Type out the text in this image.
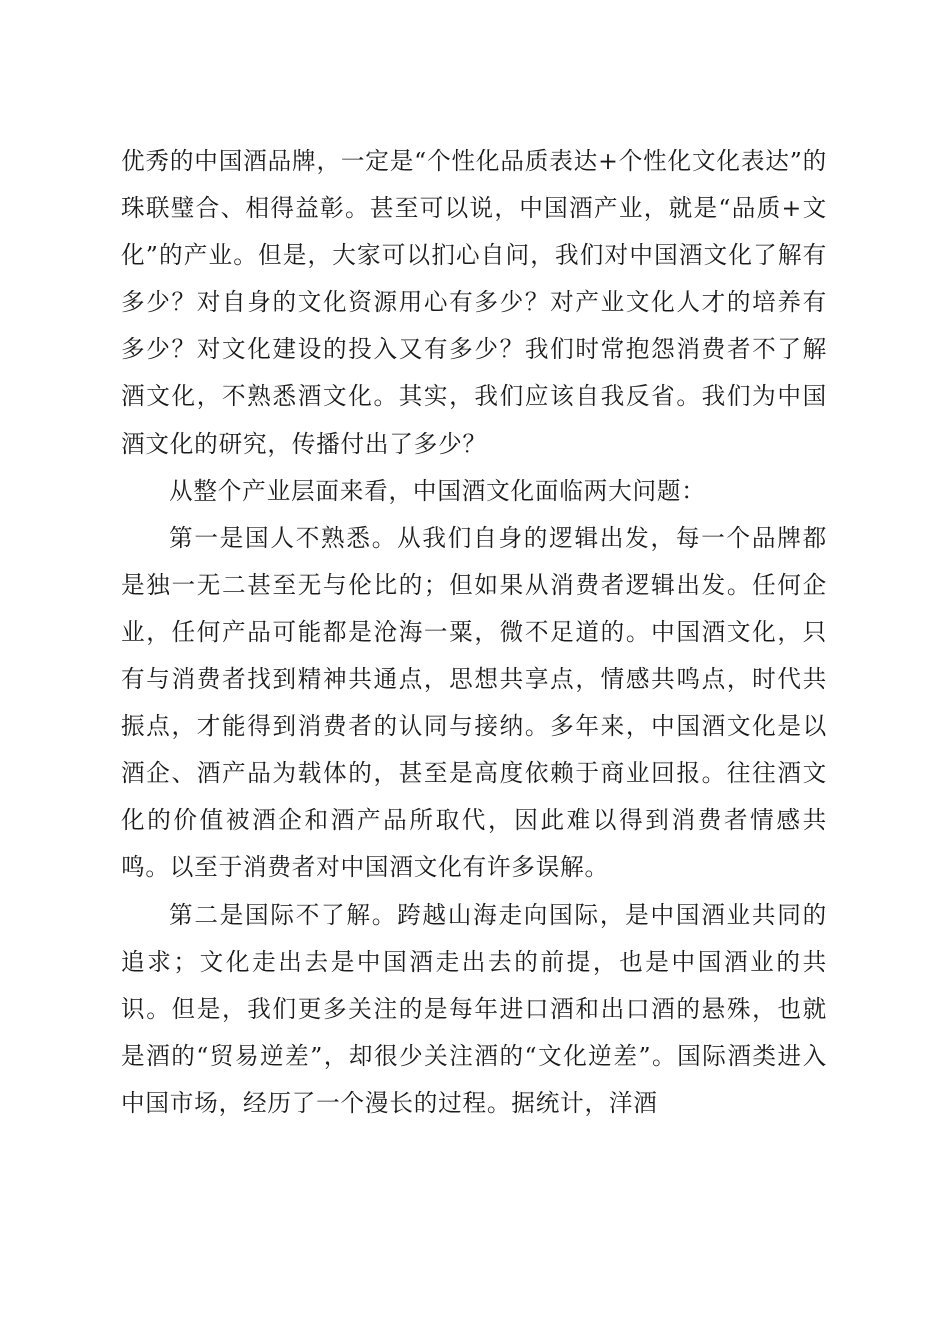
优秀的中国酒品牌，一定是“个性化品质表达+个性化文化表达”的珠联璧合、相得益彰。甚至可以说，中国酒产业，就是“品质+文化”的产业。但是，大家可以扪心自问，我们对中国酒文化了解有多少？对自身的文化资源用心有多少？对产业文化人才的培养有多少？对文化建设的投入又有多少？我们时常抱怨消费者不了解酒文化，不熟悉酒文化。其实，我们应该自我反省。我们为中国酒文化的研究，传播付出了多少？

从整个产业层面来看，中国酒文化面临两大问题：

第一是国人不熟悉。从我们自身的逻辑出发，每一个品牌都是独一无二甚至无与伦比的；但如果从消费者逻辑出发。任何企业，任何产品可能都是沧海一粟，微不足道的。中国酒文化，只有与消费者找到精神共通点，思想共享点，情感共鸣点，时代共振点，才能得到消费者的认同与接纳。多年来，中国酒文化是以酒企、酒产品为载体的，甚至是高度依赖于商业回报。往往酒文化的价值被酒企和酒产品所取代，因此难以得到消费者情感共鸣。以至于消费者对中国酒文化有许多误解。

第二是国际不了解。跨越山海走向国际，是中国酒业共同的追求；文化走出去是中国酒走出去的前提，也是中国酒业的共识。但是，我们更多关注的是每年进口酒和出口酒的悬殊，也就是酒的“贸易逆差”，却很少关注酒的“文化逆差”。国际酒类进入中国市场，经历了一个漫长的过程。据统计，洋酒
